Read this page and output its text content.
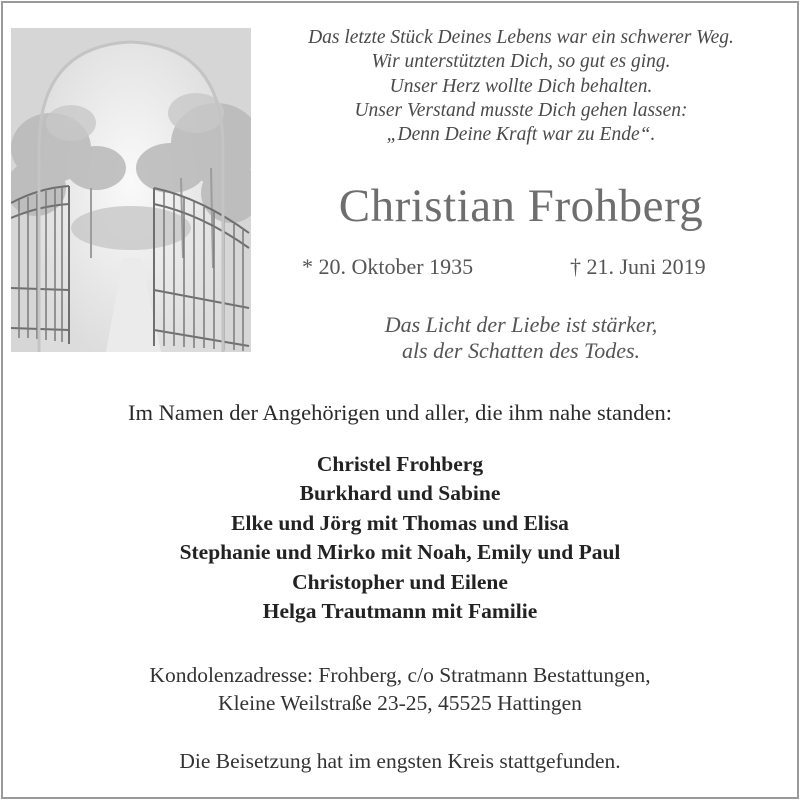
Das letzte Stück Deines Lebens war ein schwerer Weg.
Wir unterstützten Dich, so gut es ging.
Unser Herz wollte Dich behalten.
Unser Verstand musste Dich gehen lassen:
„Denn Deine Kraft war zu Ende“.
Christian Frohberg
* 20. Oktober 1935	† 21. Juni 2019
Das Licht der Liebe ist stärker,
als der Schatten des Todes.
Im Namen der Angehörigen und aller, die ihm nahe standen:
Christel Frohberg
Burkhard und Sabine
Elke und Jörg mit Thomas und Elisa
Stephanie und Mirko mit Noah, Emily und Paul
Christopher und Eilene
Helga Trautmann mit Familie
Kondolenzadresse: Frohberg, c/o Stratmann Bestattungen,
Kleine Weilstraße 23-25, 45525 Hattingen
Die Beisetzung hat im engsten Kreis stattgefunden.
